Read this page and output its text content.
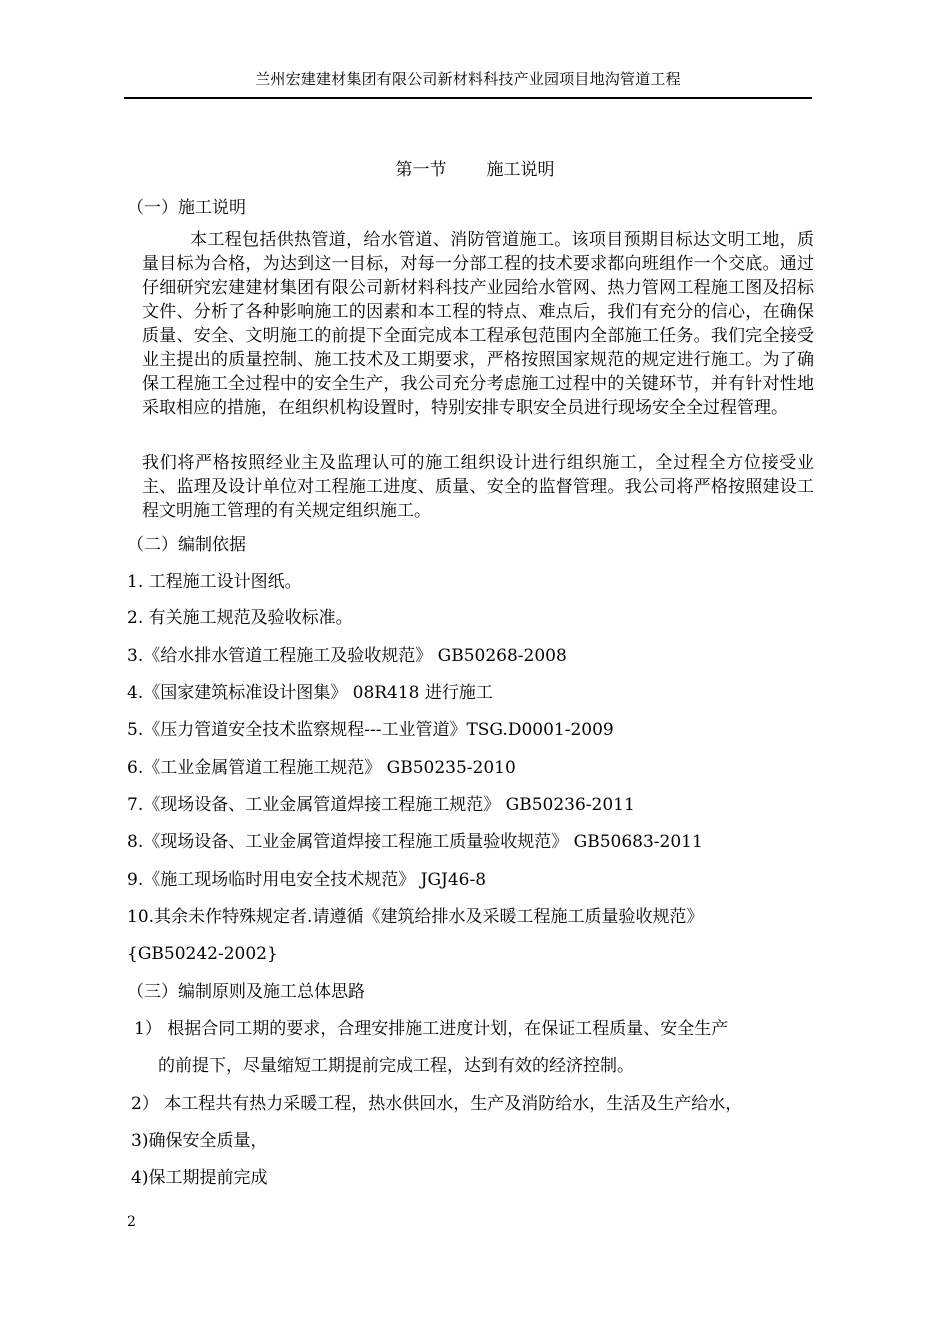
兰州宏建建材集团有限公司新材料科技产业园项目地沟管道工程
第一节 施工说明
（一）施工说明
本工程包括供热管道，给水管道、消防管道施工。该项目预期目标达文明工地，质量目标为合格，为达到这一目标，对每一分部工程的技术要求都向班组作一个交底。通过仔细研究宏建建材集团有限公司新材料科技产业园给水管网、热力管网工程施工图及招标文件、分析了各种影响施工的因素和本工程的特点、难点后，我们有充分的信心，在确保质量、安全、文明施工的前提下全面完成本工程承包范围内全部施工任务。我们完全接受业主提出的质量控制、施工技术及工期要求，严格按照国家规范的规定进行施工。为了确保工程施工全过程中的安全生产，我公司充分考虑施工过程中的关键环节，并有针对性地采取相应的措施，在组织机构设置时，特别安排专职安全员进行现场安全全过程管理。
我们将严格按照经业主及监理认可的施工组织设计进行组织施工，全过程全方位接受业主、监理及设计单位对工程施工进度、质量、安全的监督管理。我公司将严格按照建设工程文明施工管理的有关规定组织施工。
（二）编制依据
1. 工程施工设计图纸。
2. 有关施工规范及验收标准。
3.《给水排水管道工程施工及验收规范》 GB50268-2008
4.《国家建筑标准设计图集》 08R418 进行施工
5.《压力管道安全技术监察规程---工业管道》TSG.D0001-2009
6.《工业金属管道工程施工规范》 GB50235-2010
7.《现场设备、工业金属管道焊接工程施工规范》 GB50236-2011
8.《现场设备、工业金属管道焊接工程施工质量验收规范》 GB50683-2011
9.《施工现场临时用电安全技术规范》 JGJ46-8
10.其余未作特殊规定者.请遵循《建筑给排水及采暖工程施工质量验收规范》
{GB50242-2002}
（三）编制原则及施工总体思路
1） 根据合同工期的要求，合理安排施工进度计划，在保证工程质量、安全生产
的前提下，尽量缩短工期提前完成工程，达到有效的经济控制。
2） 本工程共有热力采暖工程，热水供回水，生产及消防给水，生活及生产给水，
3)确保安全质量，
4)保工期提前完成
2
